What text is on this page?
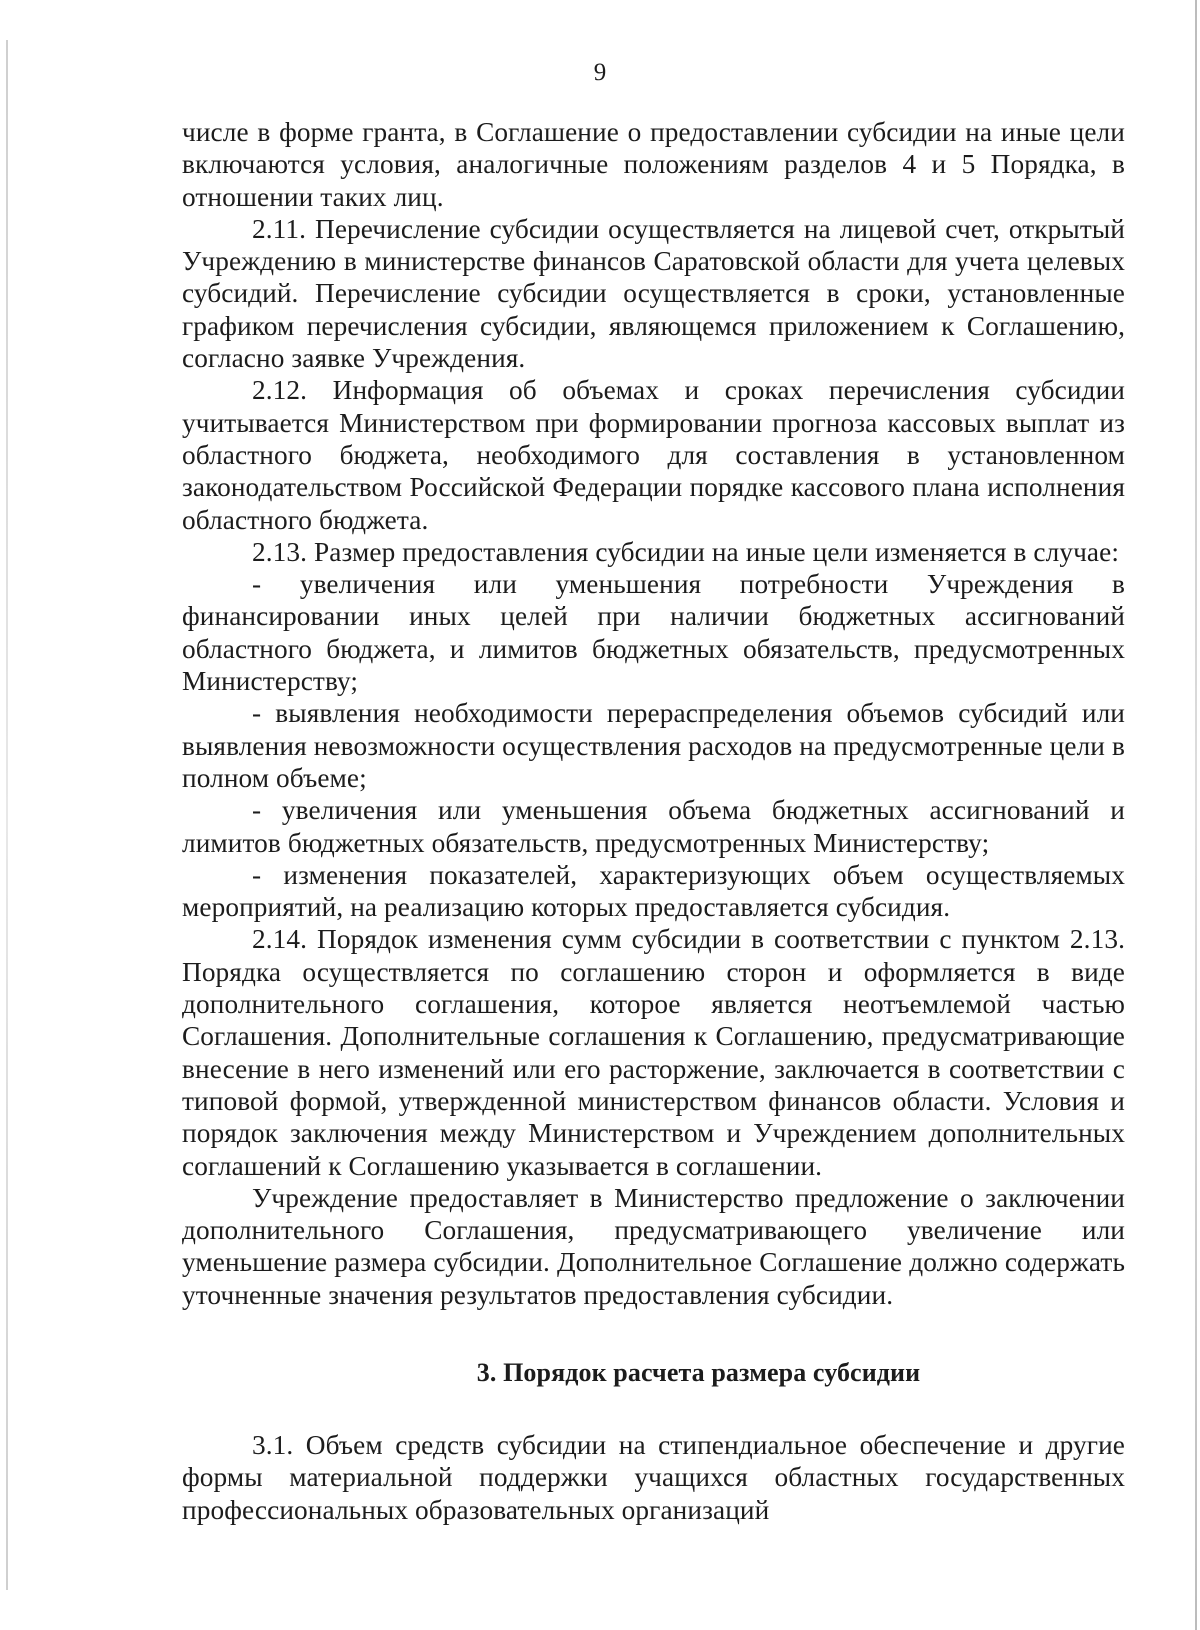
9

числе в форме гранта, в Соглашение о предоставлении субсидии на иные цели включаются условия, аналогичные положениям разделов 4 и 5 Порядка, в отношении таких лиц.

2.11. Перечисление субсидии осуществляется на лицевой счет, открытый Учреждению в министерстве финансов Саратовской области для учета целевых субсидий. Перечисление субсидии осуществляется в сроки, установленные графиком перечисления субсидии, являющемся приложением к Соглашению, согласно заявке Учреждения.

2.12. Информация об объемах и сроках перечисления субсидии учитывается Министерством при формировании прогноза кассовых выплат из областного бюджета, необходимого для составления в установленном законодательством Российской Федерации порядке кассового плана исполнения областного бюджета.

2.13. Размер предоставления субсидии на иные цели изменяется в случае:

- увеличения или уменьшения потребности Учреждения в финансировании иных целей при наличии бюджетных ассигнований областного бюджета, и лимитов бюджетных обязательств, предусмотренных Министерству;

- выявления необходимости перераспределения объемов субсидий или выявления невозможности осуществления расходов на предусмотренные цели в полном объеме;

- увеличения или уменьшения объема бюджетных ассигнований и лимитов бюджетных обязательств, предусмотренных Министерству;

- изменения показателей, характеризующих объем осуществляемых мероприятий, на реализацию которых предоставляется субсидия.

2.14. Порядок изменения сумм субсидии в соответствии с пунктом 2.13. Порядка осуществляется по соглашению сторон и оформляется в виде дополнительного соглашения, которое является неотъемлемой частью Соглашения. Дополнительные соглашения к Соглашению, предусматривающие внесение в него изменений или его расторжение, заключается в соответствии с типовой формой, утвержденной министерством финансов области. Условия и порядок заключения между Министерством и Учреждением дополнительных соглашений к Соглашению указывается в соглашении.

Учреждение предоставляет в Министерство предложение о заключении дополнительного Соглашения, предусматривающего увеличение или уменьшение размера субсидии. Дополнительное Соглашение должно содержать уточненные значения результатов предоставления субсидии.

3. Порядок расчета размера субсидии

3.1. Объем средств субсидии на стипендиальное обеспечение и другие формы материальной поддержки учащихся областных государственных профессиональных образовательных организаций
